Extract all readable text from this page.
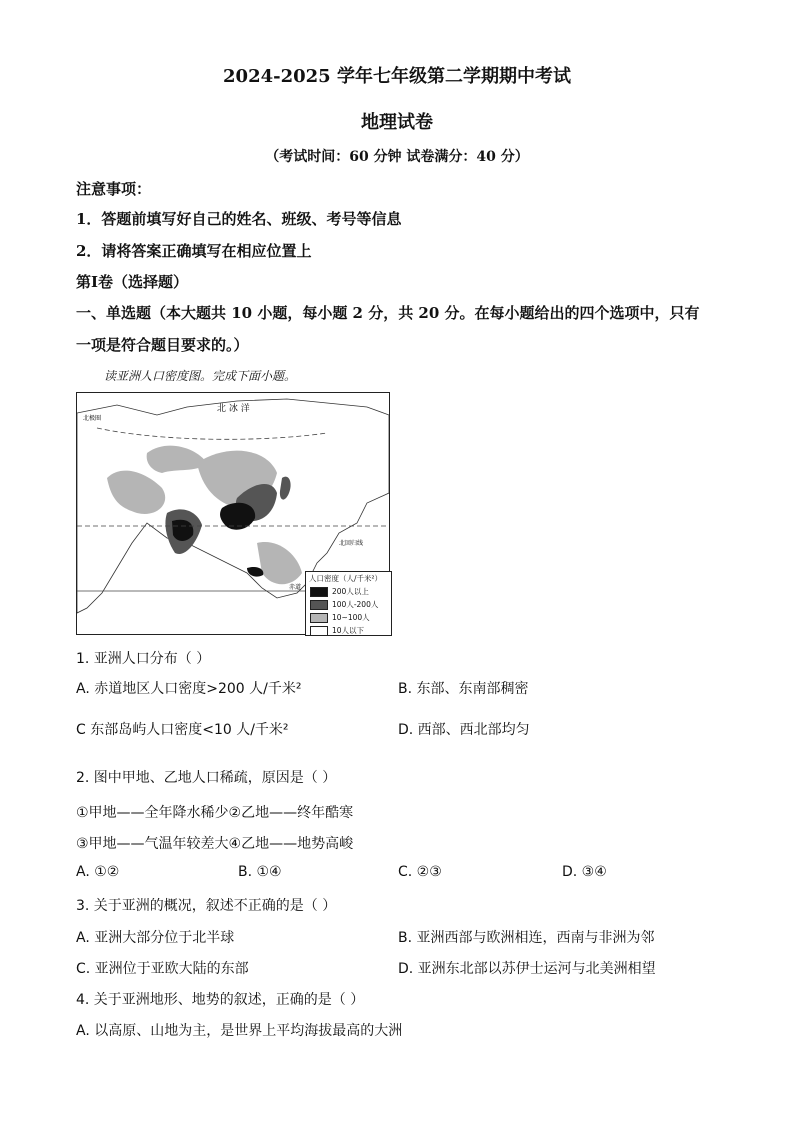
2024-2025 学年七年级第二学期期中考试
地理试卷
（考试时间：60 分钟 试卷满分：40 分）
注意事项：
1．答题前填写好自己的姓名、班级、考号等信息
2．请将答案正确填写在相应位置上
第Ⅰ卷（选择题）
一、单选题（本大题共 10 小题，每小题 2 分，共 20 分。在每小题给出的四个选项中，只有
一项是符合题目要求的。）
读亚洲人口密度图。完成下面小题。
北 冰 洋
北回归线
赤道
北极圈
人口密度（人/千米²）
200人以上
100人-200人
10~100人
10人以下
1. 亚洲人口分布（ ）
A. 赤道地区人口密度>200 人/千米²	B. 东部、东南部稠密
C 东部岛屿人口密度<10 人/千米²	D. 西部、西北部均匀
2. 图中甲地、乙地人口稀疏，原因是（ ）
①甲地——全年降水稀少②乙地——终年酷寒
③甲地——气温年较差大④乙地——地势高峻
A. ①②	B. ①④	C. ②③	D. ③④
3. 关于亚洲的概况，叙述不正确的是（ ）
A. 亚洲大部分位于北半球	B. 亚洲西部与欧洲相连，西南与非洲为邻
C. 亚洲位于亚欧大陆的东部	D. 亚洲东北部以苏伊士运河与北美洲相望
4. 关于亚洲地形、地势的叙述，正确的是（ ）
A. 以高原、山地为主，是世界上平均海拔最高的大洲
